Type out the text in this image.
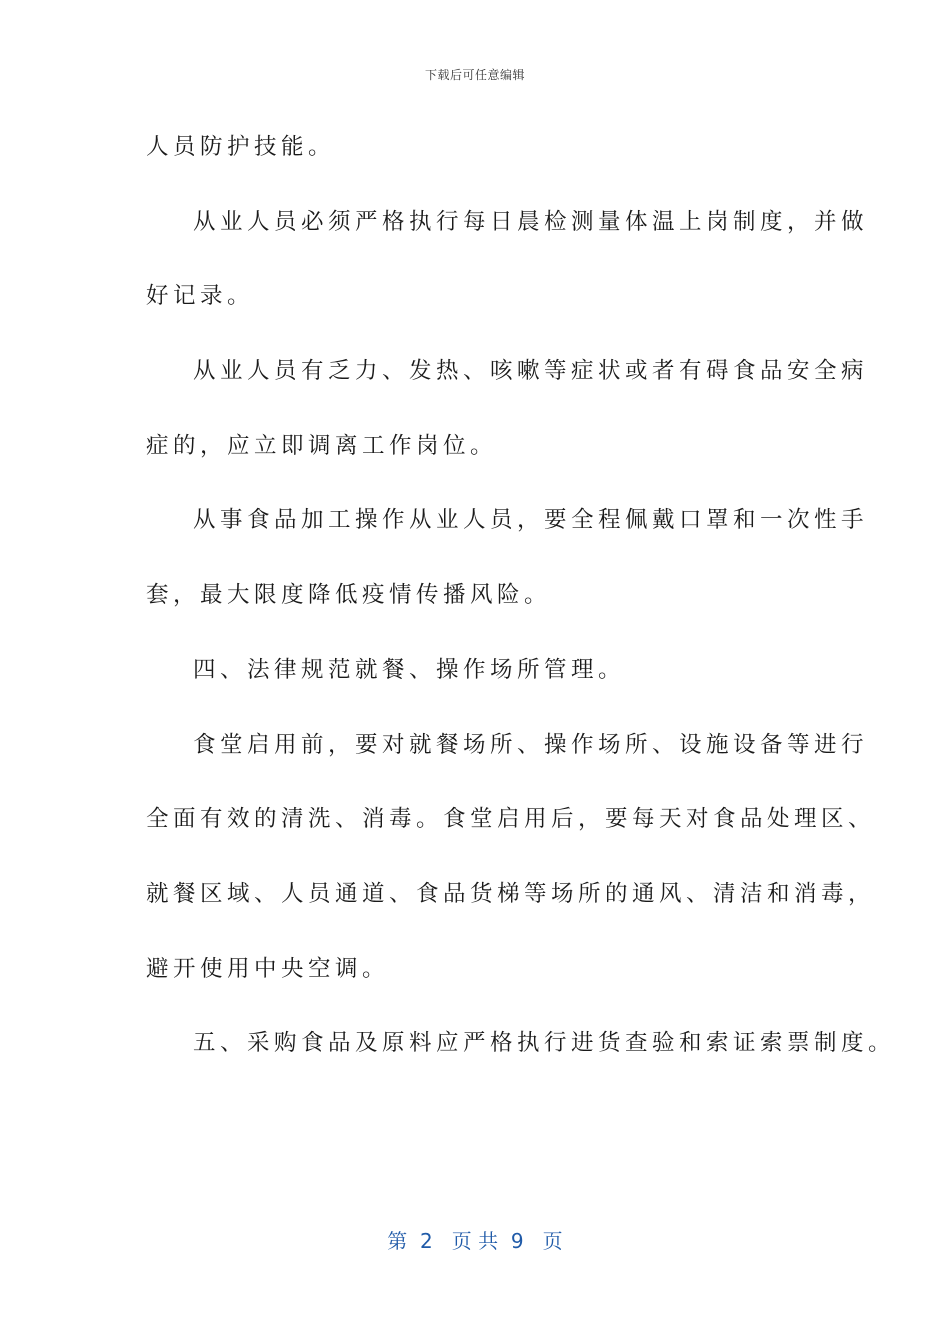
下载后可任意编辑
人员防护技能。
从业人员必须严格执行每日晨检测量体温上岗制度，并做
好记录。
从业人员有乏力、发热、咳嗽等症状或者有碍食品安全病
症的，应立即调离工作岗位。
从事食品加工操作从业人员，要全程佩戴口罩和一次性手
套，最大限度降低疫情传播风险。
四、法律规范就餐、操作场所管理。
食堂启用前，要对就餐场所、操作场所、设施设备等进行
全面有效的清洗、消毒。食堂启用后，要每天对食品处理区、
就餐区域、人员通道、食品货梯等场所的通风、清洁和消毒，
避开使用中央空调。
五、采购食品及原料应严格执行进货查验和索证索票制度。
第  2   页 共  9   页
